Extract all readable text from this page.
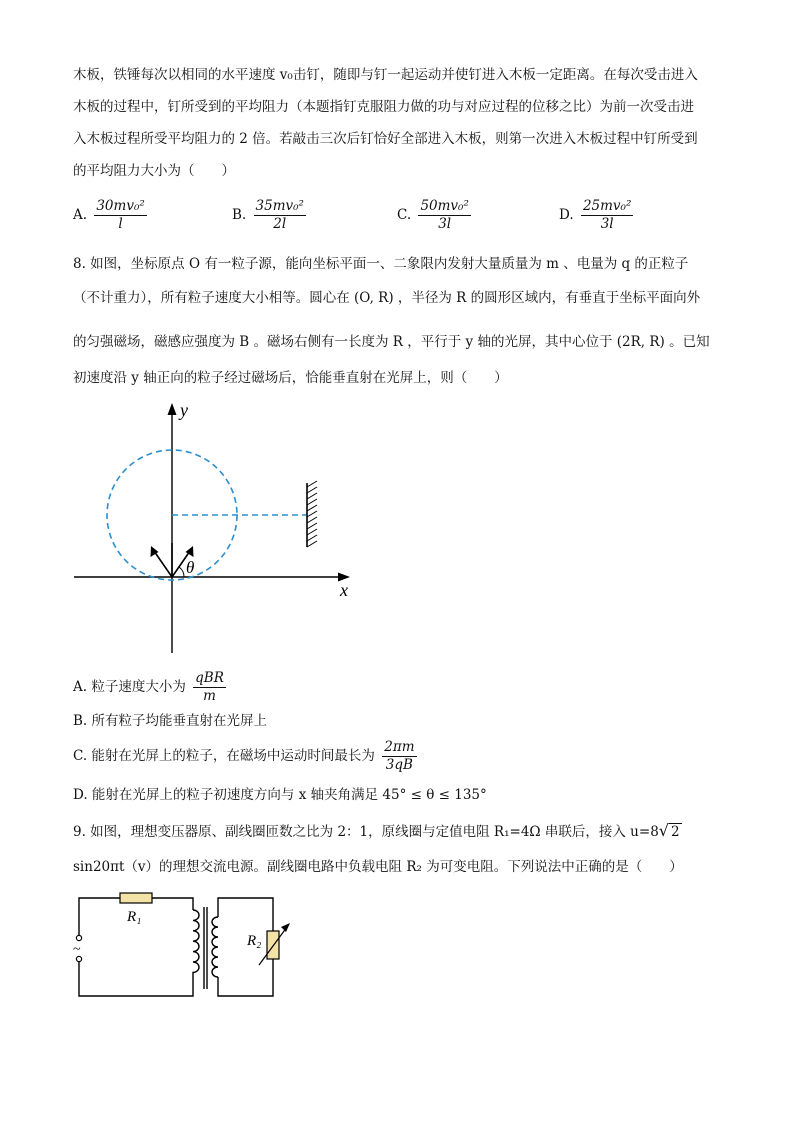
木板，铁锤每次以相同的水平速度 v₀击钉，随即与钉一起运动并使钉进入木板一定距离。在每次受击进入
木板的过程中，钉所受到的平均阻力（本题指钉克服阻力做的功与对应过程的位移之比）为前一次受击进
入木板过程所受平均阻力的 2 倍。若敲击三次后钉恰好全部进入木板，则第一次进入木板过程中钉所受到
的平均阻力大小为（　　）
A. $\frac{\text{30mv₀²}}{l}$	B. $\frac{\text{35mv₀²}}{2l}$	C. $\frac{\text{50mv₀²}}{3l}$	D. $\frac{\text{25mv₀²}}{3l}$
8. 如图，坐标原点 O 有一粒子源，能向坐标平面一、二象限内发射大量质量为 m 、电量为 q 的正粒子
（不计重力），所有粒子速度大小相等。圆心在 (O, R) ，半径为 R 的圆形区域内，有垂直于坐标平面向外
的匀强磁场，磁感应强度为 B 。磁场右侧有一长度为 R ，平行于 y 轴的光屏，其中心位于 (2R, R) 。已知
初速度沿 y 轴正向的粒子经过磁场后，恰能垂直射在光屏上，则（　　）
θ
y
x
A. 粒子速度大小为 $\frac{\text{qBR}}{m}$
B. 所有粒子均能垂直射在光屏上
C. 能射在光屏上的粒子，在磁场中运动时间最长为 $\frac{2\pi m}{3qB}$
D. 能射在光屏上的粒子初速度方向与 x 轴夹角满足 45° ≤ θ ≤ 135°
9. 如图，理想变压器原、副线圈匝数之比为 2：1，原线圈与定值电阻 R₁=4Ω 串联后，接入 u=8√ 2
sin20πt（v）的理想交流电源。副线圈电路中负载电阻 R₂ 为可变电阻。下列说法中正确的是（　　）
~
R₁
R₂
